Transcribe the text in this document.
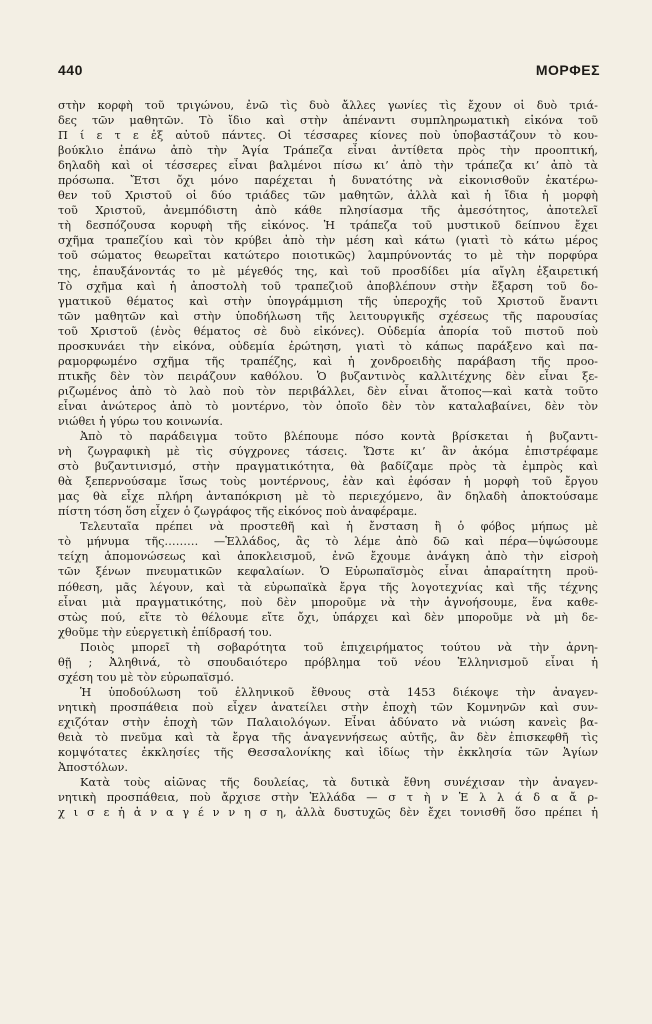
440	ΜΟΡΦΕΣ
στὴν κορφὴ τοῦ τριγώνου, ἐνῶ τὶς δυὸ ἄλλες γωνίες τὶς ἔχουν οἱ δυὸ τριά-
δες τῶν μαθητῶν. Τὸ ἴδιο καὶ στὴν ἀπέναντι συμπληρωματικὴ εἰκόνα τοῦ
Π ί ε τ ε ἐξ αὐτοῦ πάντες. Οἱ τέσσαρες κίονες ποὺ ὑποβαστάζουν τὸ κου-
βούκλιο ἐπάνω ἀπὸ τὴν Ἁγία Τράπεζα εἶναι ἀντίθετα πρὸς τὴν προοπτική,
δηλαδὴ καὶ οἱ τέσσερες εἶναι βαλμένοι πίσω κι’ ἀπὸ τὴν τράπεζα κι’ ἀπὸ τὰ
πρόσωπα. Ἔτσι ὄχι μόνο παρέχεται ἡ δυνατότης νὰ εἰκονισθοῦν ἑκατέρω-
θεν τοῦ Χριστοῦ οἱ δύο τριάδες τῶν μαθητῶν, ἀλλὰ καὶ ἡ ἴδια ἡ μορφὴ
τοῦ Χριστοῦ, ἀνεμπόδιστη ἀπὸ κάθε πλησίασμα τῆς ἀμεσότητος, ἀποτελεῖ
τὴ δεσπόζουσα κορυφὴ τῆς εἰκόνος. Ἡ τράπεζα τοῦ μυστικοῦ δείπνου ἔχει
σχῆμα τραπεζίου καὶ τὸν κρύβει ἀπὸ τὴν μέση καὶ κάτω (γιατὶ τὸ κάτω μέρος
τοῦ σώματος θεωρεῖται κατώτερο ποιοτικῶς) λαμπρύνοντάς το μὲ τὴν πορφύρα
της, ἐπαυξάνοντάς το μὲ μέγεθός της, καὶ τοῦ προσδίδει μία αἴγλη ἐξαιρετική
Τὸ σχῆμα καὶ ἡ ἀποστολὴ τοῦ τραπεζιοῦ ἀποβλέπουν στὴν ἔξαρση τοῦ δο-
γματικοῦ θέματος καὶ στὴν ὑπογράμμιση τῆς ὑπεροχῆς τοῦ Χριστοῦ ἔναντι
τῶν μαθητῶν καὶ στὴν ὑποδήλωση τῆς λειτουργικῆς σχέσεως τῆς παρουσίας
τοῦ Χριστοῦ (ἑνὸς θέματος σὲ δυὸ εἰκόνες). Οὐδεμία ἀπορία τοῦ πιστοῦ ποὺ
προσκυνάει τὴν εἰκόνα, οὐδεμία ἐρώτηση, γιατὶ τὸ κάπως παράξενο καὶ πα-
ραμορφωμένο σχῆμα τῆς τραπέζης, καὶ ἡ χονδροειδὴς παράβαση τῆς προο-
πτικῆς δὲν τὸν πειράζουν καθόλου. Ὁ βυζαντινὸς καλλιτέχνης δὲν εἶναι ξε-
ριζωμένος ἀπὸ τὸ λαὸ ποὺ τὸν περιβάλλει, δὲν εἶναι ἄτοπος—καὶ κατὰ τοῦτο
εἶναι ἀνώτερος ἀπὸ τὸ μοντέρνο, τὸν ὁποῖο δὲν τὸν καταλαβαίνει, δὲν τὸν
νιώθει ἡ γύρω του κοινωνία.
Ἀπὸ τὸ παράδειγμα τοῦτο βλέπουμε πόσο κοντὰ βρίσκεται ἡ βυζαντι-
νὴ ζωγραφικὴ μὲ τὶς σύγχρονες τάσεις. Ὥστε κι’ ἂν ἀκόμα ἐπιστρέφαμε
στὸ βυζαντινισμό, στὴν πραγματικότητα, θὰ βαδίζαμε πρὸς τὰ ἐμπρὸς καὶ
θὰ ξεπερνούσαμε ἴσως τοὺς μοντέρνους, ἐὰν καὶ ἐφόσαν ἡ μορφὴ τοῦ ἔργου
μας θὰ εἶχε πλήρη ἀνταπόκριση μὲ τὸ περιεχόμενο, ἂν δηλαδὴ ἀποκτούσαμε
πίστη τόση ὅση εἶχεν ὁ ζωγράφος τῆς εἰκόνος ποὺ ἀναφέραμε.
Τελευταῖα πρέπει νὰ προστεθῆ καὶ ἡ ἔνσταση ἢ ὁ φόβος μήπως μὲ
τὸ μήνυμα τῆς……… —Ἑλλάδος, ἂς τὸ λέμε ἀπὸ δῶ καὶ πέρα—ὑψώσουμε
τείχη ἀπομονώσεως καὶ ἀποκλεισμοῦ, ἐνῶ ἔχουμε ἀνάγκη ἀπὸ τὴν εἰσροὴ
τῶν ξένων πνευματικῶν κεφαλαίων. Ὁ Εὐρωπαϊσμὸς εἶναι ἀπαραίτητη προϋ-
πόθεση, μᾶς λέγουν, καὶ τὰ εὐρωπαϊκὰ ἔργα τῆς λογοτεχνίας καὶ τῆς τέχνης
εἶναι μιὰ πραγματικότης, ποὺ δὲν μποροῦμε νὰ τὴν ἀγνοήσουμε, ἕνα καθε-
στὼς πού, εἴτε τὸ θέλουμε εἴτε ὄχι, ὑπάρχει καὶ δὲν μποροῦμε νὰ μὴ δε-
χθοῦμε τὴν εὐεργετικὴ ἐπίδρασή του.
Ποιὸς μπορεῖ τὴ σοβαρότητα τοῦ ἐπιχειρήματος τούτου νὰ τὴν ἀρνη-
θῇ ; Ἀληθινά, τὸ σπουδαιότερο πρόβλημα τοῦ νέου Ἑλληνισμοῦ εἶναι ἡ
σχέση του μὲ τὸν εὐρωπαϊσμό.
Ἡ ὑποδούλωση τοῦ ἑλληνικοῦ ἔθνους στὰ 1453 διέκοψε τὴν ἀναγεν-
νητικὴ προσπάθεια ποὺ εἶχεν ἀνατείλει στὴν ἐποχὴ τῶν Κομνηνῶν καὶ συν-
εχιζόταν στὴν ἐποχὴ τῶν Παλαιολόγων. Εἶναι ἀδύνατο νὰ νιώση κανεὶς βα-
θειὰ τὸ πνεῦμα καὶ τὰ ἔργα τῆς ἀναγεννήσεως αὐτῆς, ἂν δὲν ἐπισκεφθῆ τὶς
κομψότατες ἐκκλησίες τῆς Θεσσαλονίκης καὶ ἰδίως τὴν ἐκκλησία τῶν Ἁγίων
Ἀποστόλων.
Κατὰ τοὺς αἰῶνας τῆς δουλείας, τὰ δυτικὰ ἔθνη συνέχισαν τὴν ἀναγεν-
νητικὴ προσπάθεια, ποὺ ἄρχισε στὴν Ἑλλάδα — σ τ ὴ ν Ἑ λ λ ά δ α ἄ ρ-
χ ι σ ε ἡ ἀ ν α γ έ ν ν η σ η, ἀλλὰ δυστυχῶς δὲν ἔχει τονισθῆ ὅσο πρέπει ἡ
